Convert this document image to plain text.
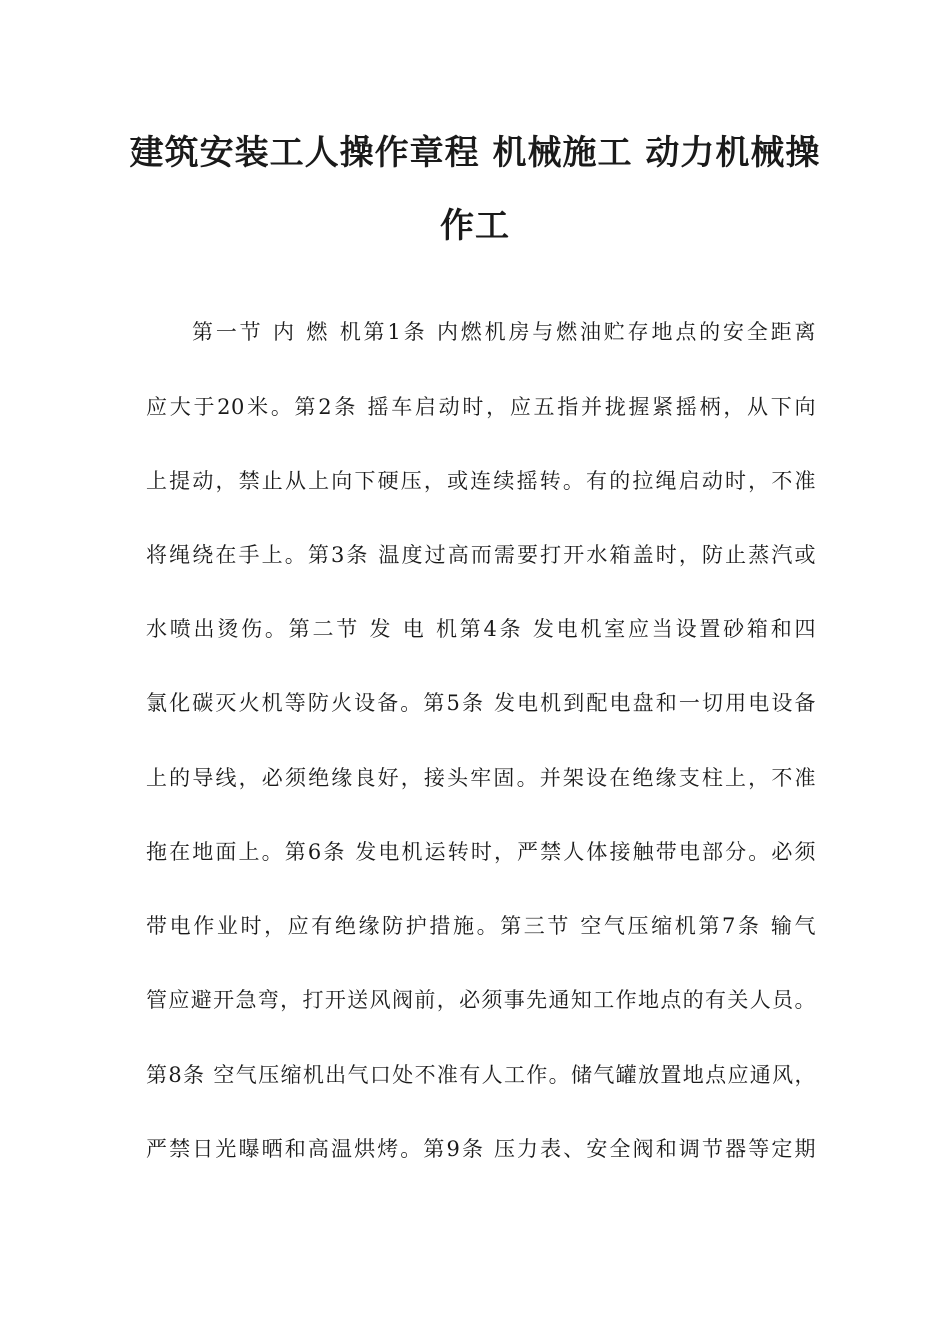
建筑安装工人操作章程 机械施工 动力机械操
作工
第一节 内 燃 机第1条 内燃机房与燃油贮存地点的安全距离
应大于20米。第2条 摇车启动时，应五指并拢握紧摇柄，从下向
上提动，禁止从上向下硬压，或连续摇转。有的拉绳启动时，不准
将绳绕在手上。第3条 温度过高而需要打开水箱盖时，防止蒸汽或
水喷出烫伤。第二节 发 电 机第4条 发电机室应当设置砂箱和四
氯化碳灭火机等防火设备。第5条 发电机到配电盘和一切用电设备
上的导线，必须绝缘良好，接头牢固。并架设在绝缘支柱上，不准
拖在地面上。第6条 发电机运转时，严禁人体接触带电部分。必须
带电作业时，应有绝缘防护措施。第三节 空气压缩机第7条 输气
管应避开急弯，打开送风阀前，必须事先通知工作地点的有关人员。
第8条 空气压缩机出气口处不准有人工作。储气罐放置地点应通风，
严禁日光曝晒和高温烘烤。第9条 压力表、安全阀和调节器等定期
